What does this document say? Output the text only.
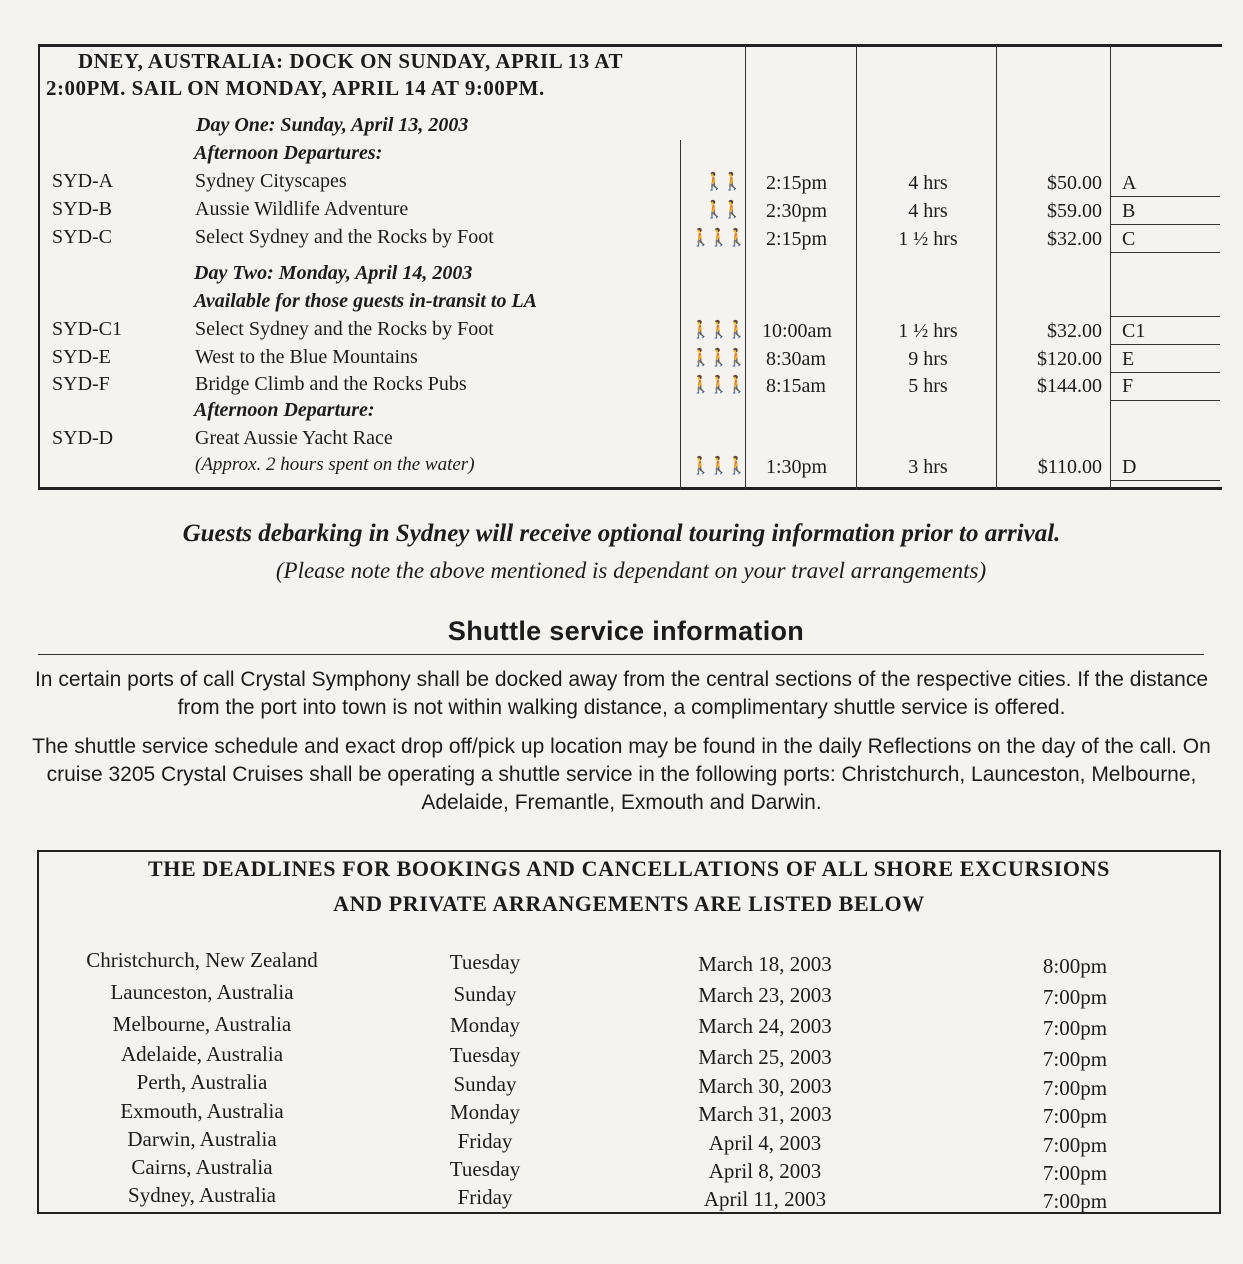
DNEY, AUSTRALIA: DOCK ON SUNDAY, APRIL 13 AT
2:00PM. SAIL ON MONDAY, APRIL 14 AT 9:00PM.
Day One: Sunday, April 13, 2003
Afternoon Departures:
SYD-A	Sydney Cityscapes	🚶🚶 2:15pm	4 hrs	$50.00 A
SYD-B	Aussie Wildlife Adventure	🚶🚶 2:30pm	4 hrs	$59.00 B
SYD-C	Select Sydney and the Rocks by Foot	🚶🚶🚶 2:15pm	1 ½ hrs	$32.00 C
Day Two: Monday, April 14, 2003
Available for those guests in-transit to LA
SYD-C1	Select Sydney and the Rocks by Foot	🚶🚶🚶 10:00am	1 ½ hrs	$32.00 C1
SYD-E	West to the Blue Mountains	🚶🚶🚶 8:30am	9 hrs	$120.00 E
SYD-F	Bridge Climb and the Rocks Pubs	🚶🚶🚶 8:15am	5 hrs	$144.00 F
Afternoon Departure:
SYD-D	Great Aussie Yacht Race
(Approx. 2 hours spent on the water)	🚶🚶🚶 1:30pm	3 hrs	$110.00 D
Guests debarking in Sydney will receive optional touring information prior to arrival.
(Please note the above mentioned is dependant on your travel arrangements)
Shuttle service information
In certain ports of call Crystal Symphony shall be docked away from the central sections of the respective cities. If the distance from the port into town is not within walking distance, a complimentary shuttle service is offered.
The shuttle service schedule and exact drop off/pick up location may be found in the daily Reflections on the day of the call. On cruise 3205 Crystal Cruises shall be operating a shuttle service in the following ports: Christchurch, Launceston, Melbourne, Adelaide, Fremantle, Exmouth and Darwin.
THE DEADLINES FOR BOOKINGS AND CANCELLATIONS OF ALL SHORE EXCURSIONS
AND PRIVATE ARRANGEMENTS ARE LISTED BELOW
Christchurch, New Zealand	Tuesday	March 18, 2003	8:00pm
Launceston, Australia	Sunday	March 23, 2003	7:00pm
Melbourne, Australia	Monday	March 24, 2003	7:00pm
Adelaide, Australia	Tuesday	March 25, 2003	7:00pm
Perth, Australia	Sunday	March 30, 2003	7:00pm
Exmouth, Australia	Monday	March 31, 2003	7:00pm
Darwin, Australia	Friday	April 4, 2003	7:00pm
Cairns, Australia	Tuesday	April 8, 2003	7:00pm
Sydney, Australia	Friday	April 11, 2003	7:00pm
